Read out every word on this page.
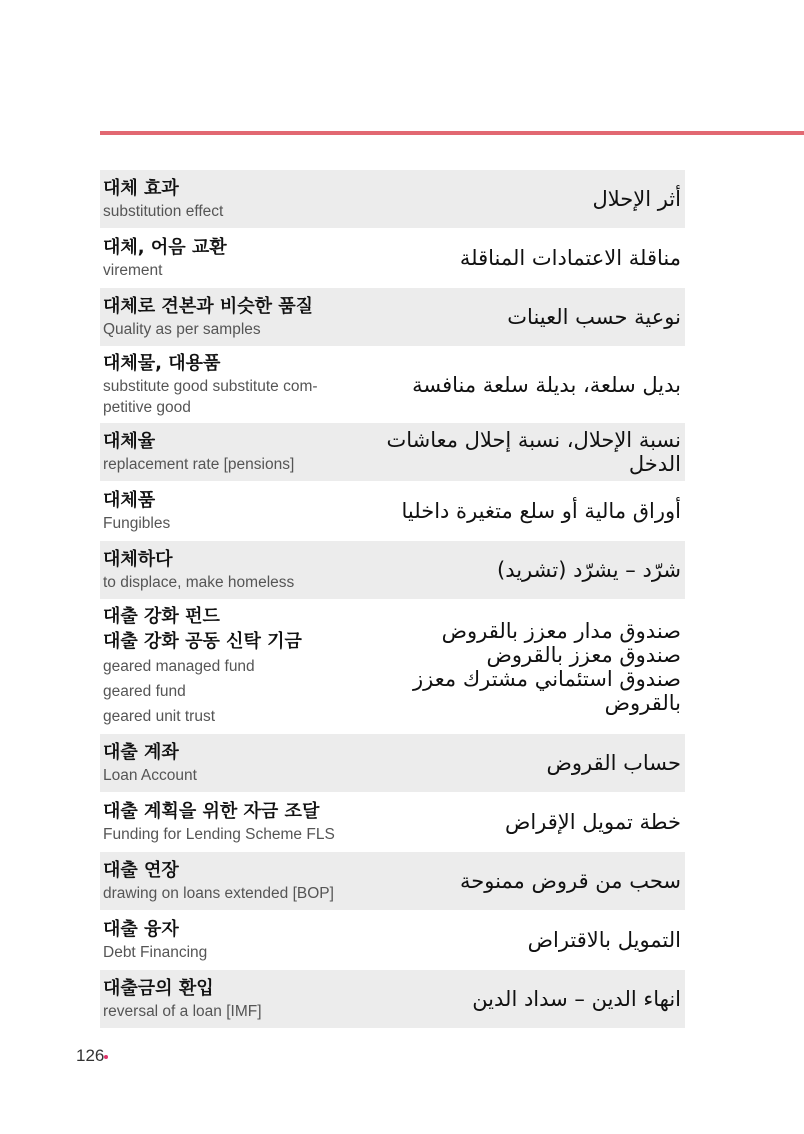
대체 효과
substitution effect
أثر الإحلال
대체, 어음 교환
virement
مناقلة الاعتمادات المناقلة
대체로 견본과 비슷한 품질
Quality as per samples
نوعية حسب العينات
대체물, 대용품
substitute good substitute com-petitive good
بديل سلعة، بديلة سلعة منافسة
대체율
replacement rate [pensions]
نسبة الإحلال، نسبة إحلال معاشات الدخل
대체품
Fungibles
أوراق مالية أو سلع متغيرة داخليا
대체하다
to displace, make homeless
شرّد – يشرّد (تشريد)
대출 강화 펀드
대출 강화 공동 신탁 기금
geared managed fund
geared fund
geared unit trust
صندوق مدار معزز بالقروض
صندوق معزز بالقروض
صندوق استئماني مشترك معزز بالقروض
대출 계좌
Loan Account
حساب القروض
대출 계획을 위한 자금 조달
Funding for Lending Scheme FLS
خطة تمويل الإقراض
대출 연장
drawing on loans extended [BOP]
سحب من قروض ممنوحة
대출 융자
Debt Financing
التمويل بالاقتراض
대출금의 환입
reversal of a loan [IMF]
انهاء الدين – سداد الدين
126
